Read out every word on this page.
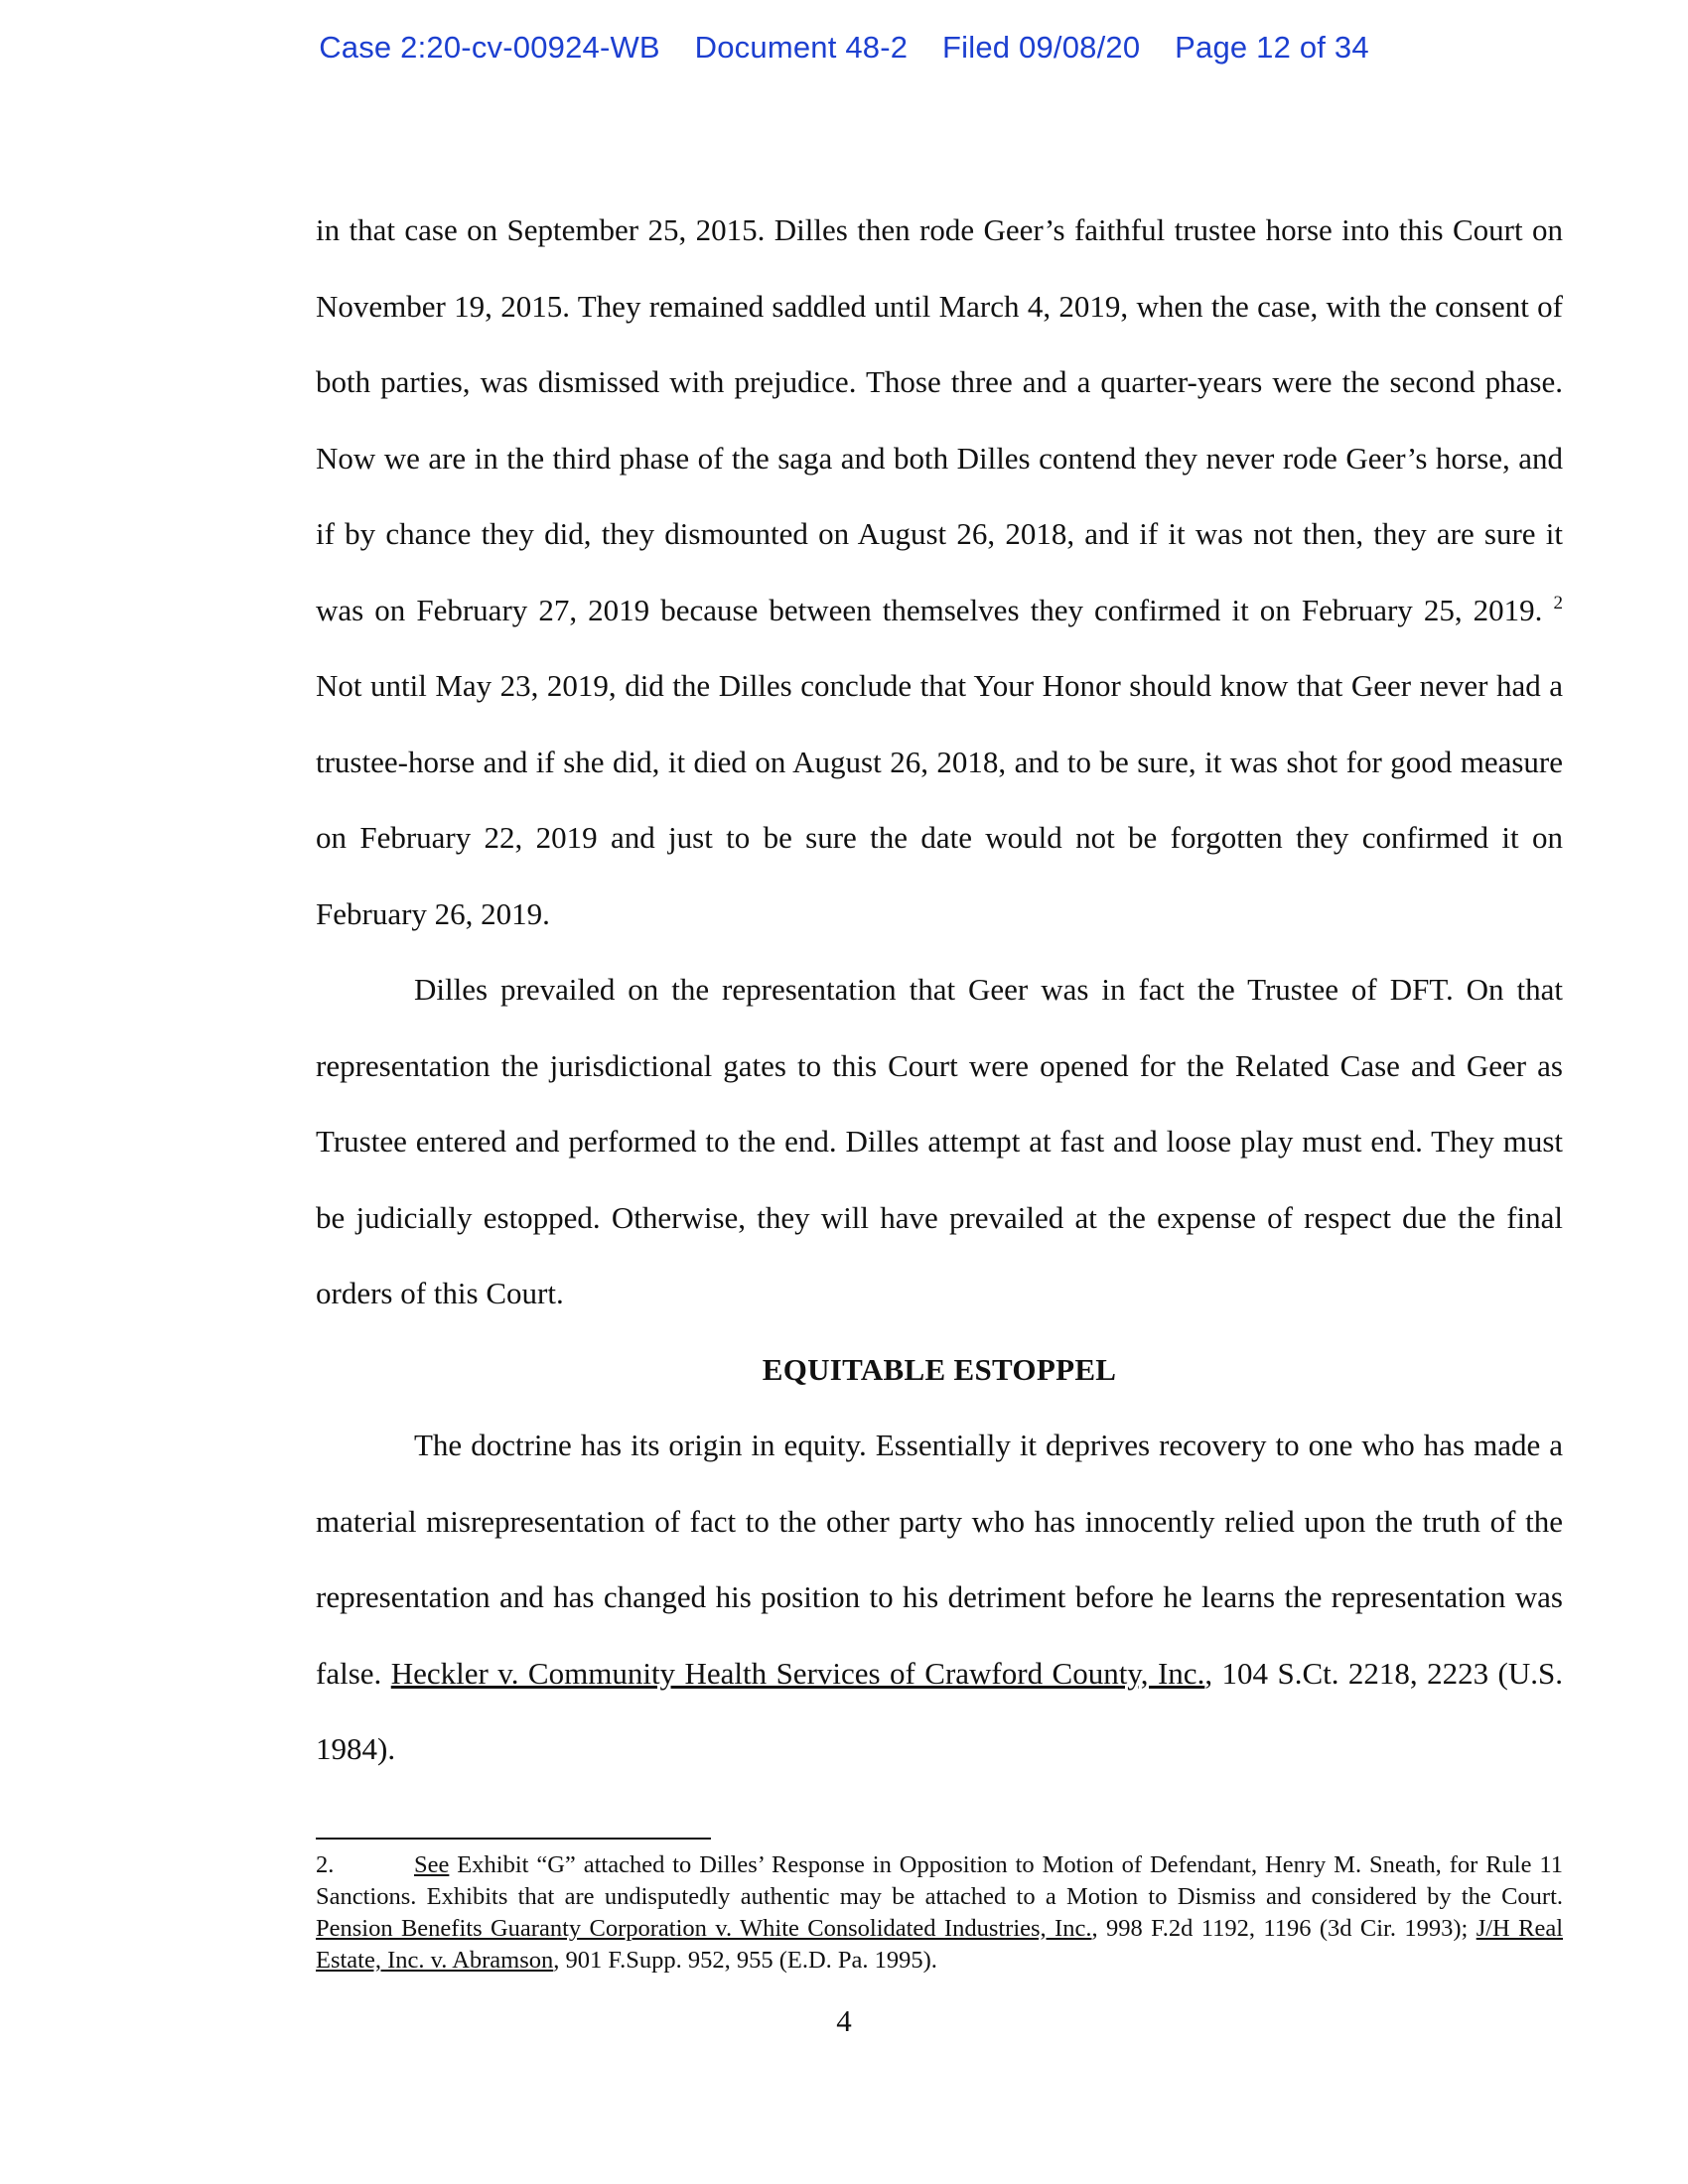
Case 2:20-cv-00924-WB Document 48-2 Filed 09/08/20 Page 12 of 34

in that case on September 25, 2015. Dilles then rode Geer’s faithful trustee horse into this Court on November 19, 2015. They remained saddled until March 4, 2019, when the case, with the consent of both parties, was dismissed with prejudice. Those three and a quarter-years were the second phase. Now we are in the third phase of the saga and both Dilles contend they never rode Geer’s horse, and if by chance they did, they dismounted on August 26, 2018, and if it was not then, they are sure it was on February 27, 2019 because between themselves they confirmed it on February 25, 2019. $^2$ Not until May 23, 2019, did the Dilles conclude that Your Honor should know that Geer never had a trustee-horse and if she did, it died on August 26, 2018, and to be sure, it was shot for good measure on February 22, 2019 and just to be sure the date would not be forgotten they confirmed it on February 26, 2019.

Dilles prevailed on the representation that Geer was in fact the Trustee of DFT. On that representation the jurisdictional gates to this Court were opened for the Related Case and Geer as Trustee entered and performed to the end. Dilles attempt at fast and loose play must end. They must be judicially estopped. Otherwise, they will have prevailed at the expense of respect due the final orders of this Court.

EQUITABLE ESTOPPEL

The doctrine has its origin in equity. Essentially it deprives recovery to one who has made a material misrepresentation of fact to the other party who has innocently relied upon the truth of the representation and has changed his position to his detriment before he learns the representation was false. Heckler v. Community Health Services of Crawford County, Inc., 104 S.Ct. 2218, 2223 (U.S. 1984).

2.	See Exhibit “G” attached to Dilles’ Response in Opposition to Motion of Defendant, Henry M. Sneath, for Rule 11 Sanctions. Exhibits that are undisputedly authentic may be attached to a Motion to Dismiss and considered by the Court. Pension Benefits Guaranty Corporation v. White Consolidated Industries, Inc., 998 F.2d 1192, 1196 (3d Cir. 1993); J/H Real Estate, Inc. v. Abramson, 901 F.Supp. 952, 955 (E.D. Pa. 1995).

4
